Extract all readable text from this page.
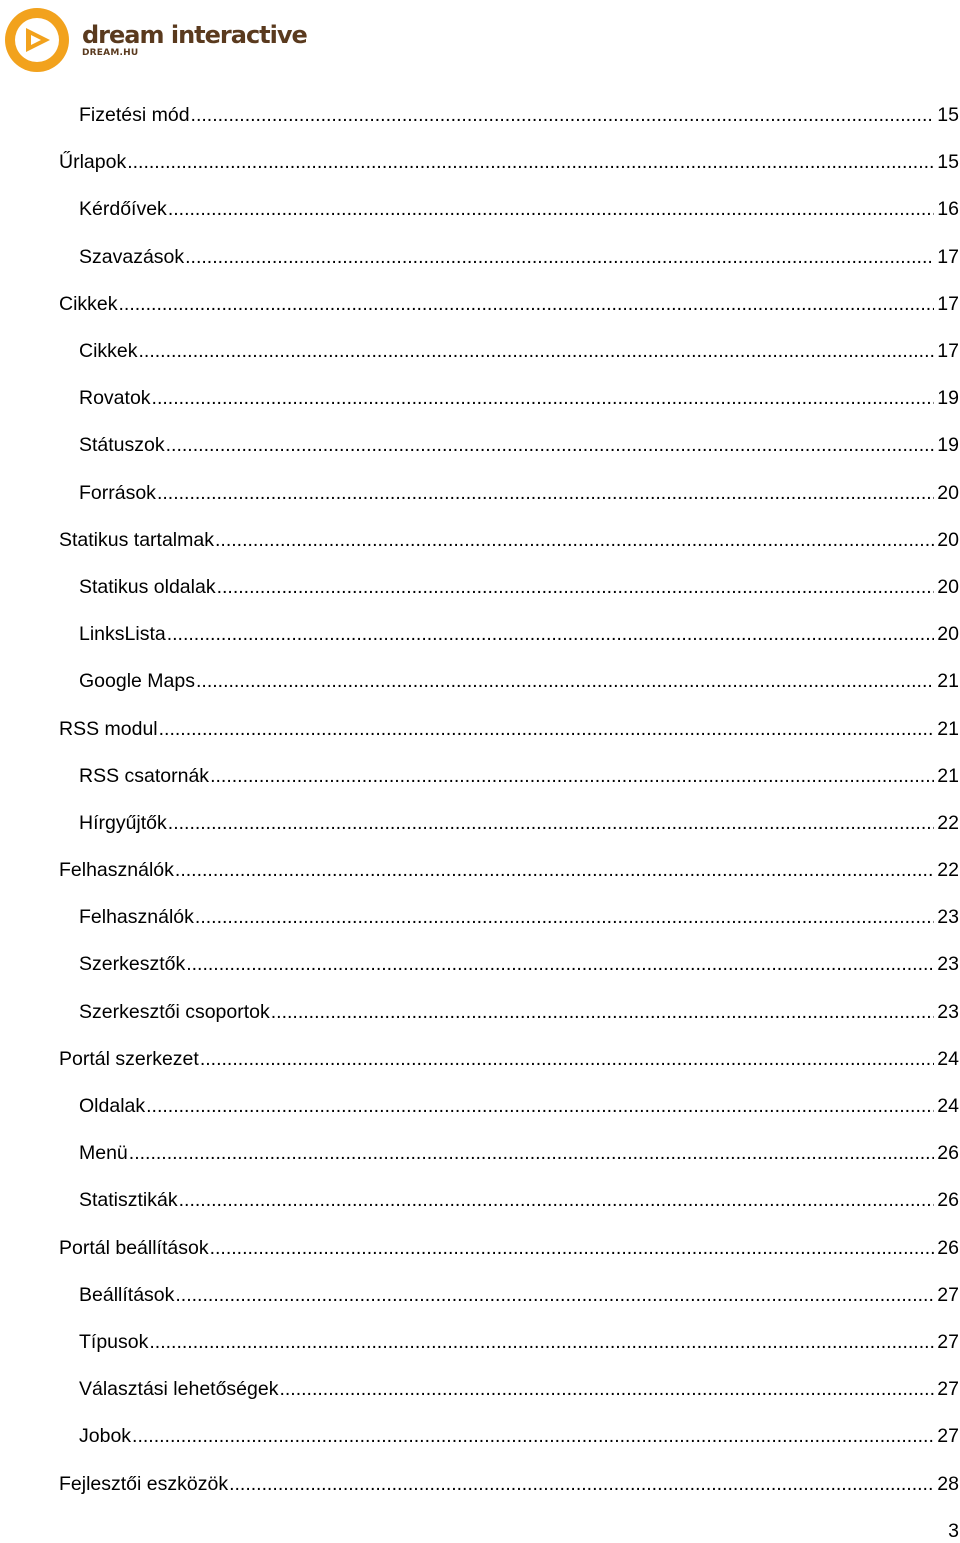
dream interactive
DREAM.HU
Fizetési mód .....	15
Űrlapok .....	15
Kérdőívek .....	16
Szavazások .....	17
Cikkek .....	17
Cikkek .....	17
Rovatok .....	19
Státuszok .....	19
Források .....	20
Statikus tartalmak .....	20
Statikus oldalak .....	20
LinksLista .....	20
Google Maps .....	21
RSS modul .....	21
RSS csatornák .....	21
Hírgyűjtők .....	22
Felhasználók .....	22
Felhasználók .....	23
Szerkesztők .....	23
Szerkesztői csoportok .....	23
Portál szerkezet .....	24
Oldalak .....	24
Menü .....	26
Statisztikák .....	26
Portál beállítások .....	26
Beállítások .....	27
Típusok .....	27
Választási lehetőségek .....	27
Jobok .....	27
Fejlesztői eszközök .....	28
3
